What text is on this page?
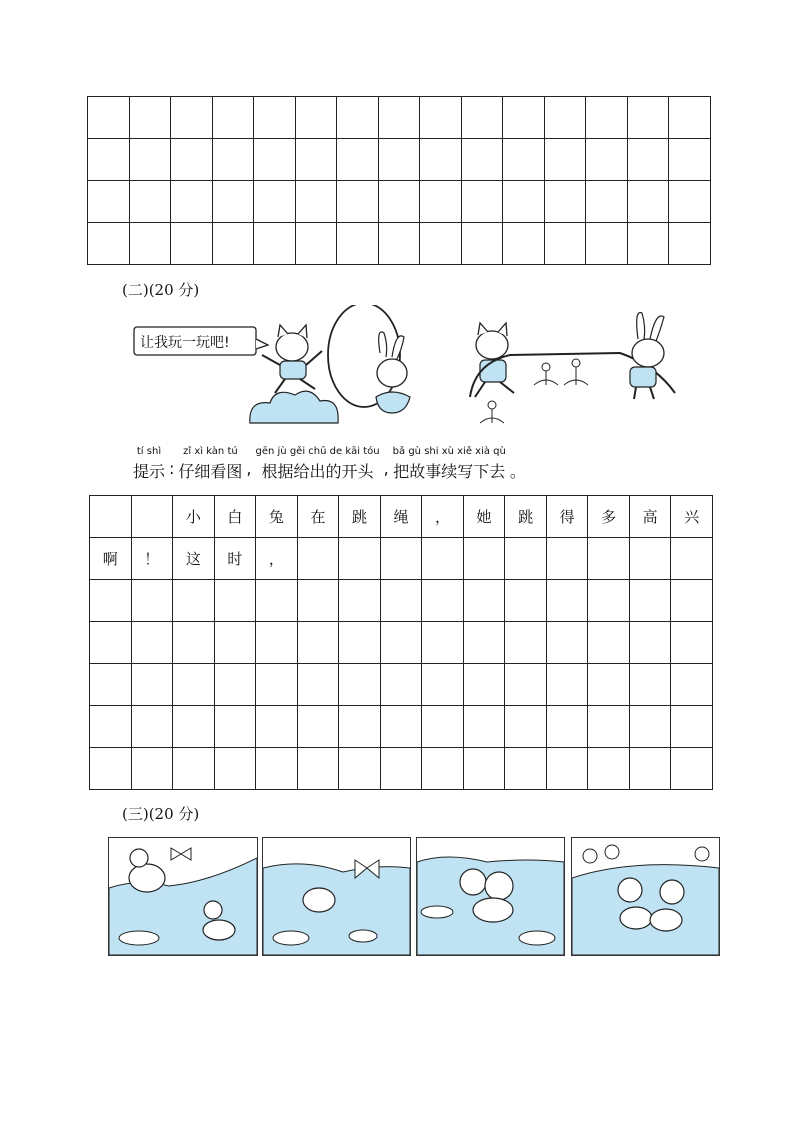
(二)(20 分)
让我玩一玩吧!
tí shì
提示 :
zǐ xì kàn tú
仔细看图 ,
gēn jù gěi chū de kāi tóu
根据给出的开头 ,
bǎ gù shi xù xiě xià qù
把故事续写下去 。
		小	白	兔	在	跳	绳	，	她	跳	得	多	高	兴
啊	！	这	时	，										

(三)(20 分)
